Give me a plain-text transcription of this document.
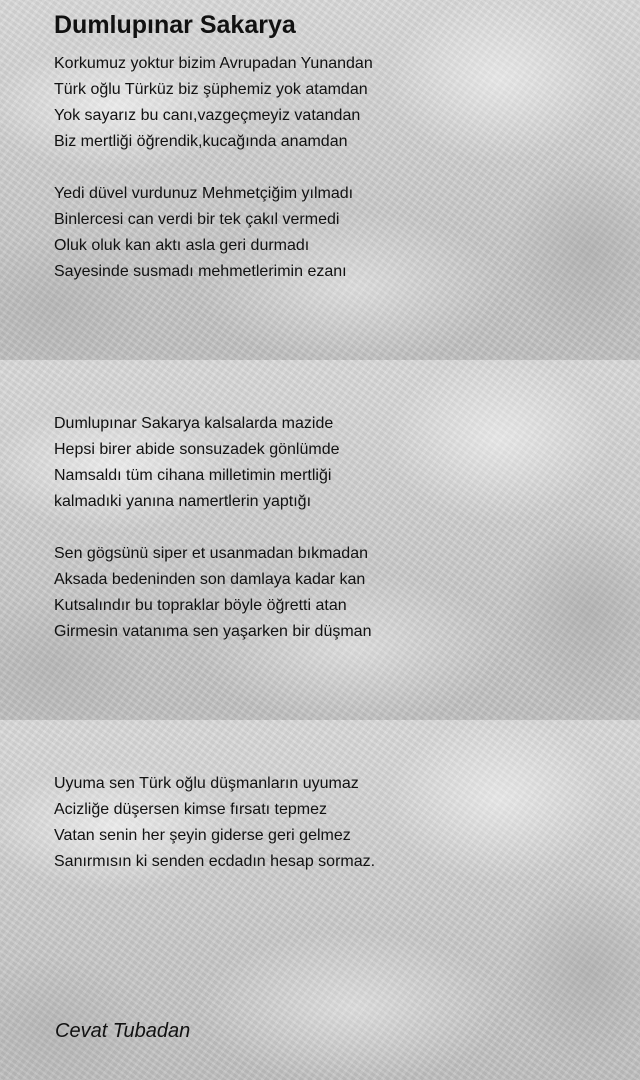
Dumlupınar Sakarya
Korkumuz yoktur bizim Avrupadan Yunandan
Türk oğlu Türküz biz şüphemiz yok atamdan
Yok sayarız bu canı,vazgeçmeyiz vatandan
Biz mertliği öğrendik,kucağında anamdan
Yedi düvel vurdunuz Mehmetçiğim yılmadı
Binlercesi can verdi bir tek çakıl vermedi
Oluk oluk kan aktı asla geri durmadı
Sayesinde susmadı mehmetlerimin ezanı
Dumlupınar Sakarya kalsalarda mazide
Hepsi birer abide sonsuzadek gönlümde
Namsaldı tüm cihana milletimin mertliği
kalmadıki yanına namertlerin yaptığı
Sen gögsünü siper et usanmadan bıkmadan
Aksada bedeninden son damlaya kadar kan
Kutsalındır bu topraklar böyle öğretti atan
Girmesin vatanıma sen yaşarken bir düşman
Uyuma sen Türk oğlu düşmanların uyumaz
Acizliğe düşersen kimse fırsatı tepmez
Vatan senin her şeyin giderse geri gelmez
Sanırmısın ki senden ecdadın hesap sormaz.

Cevat Tubadan
